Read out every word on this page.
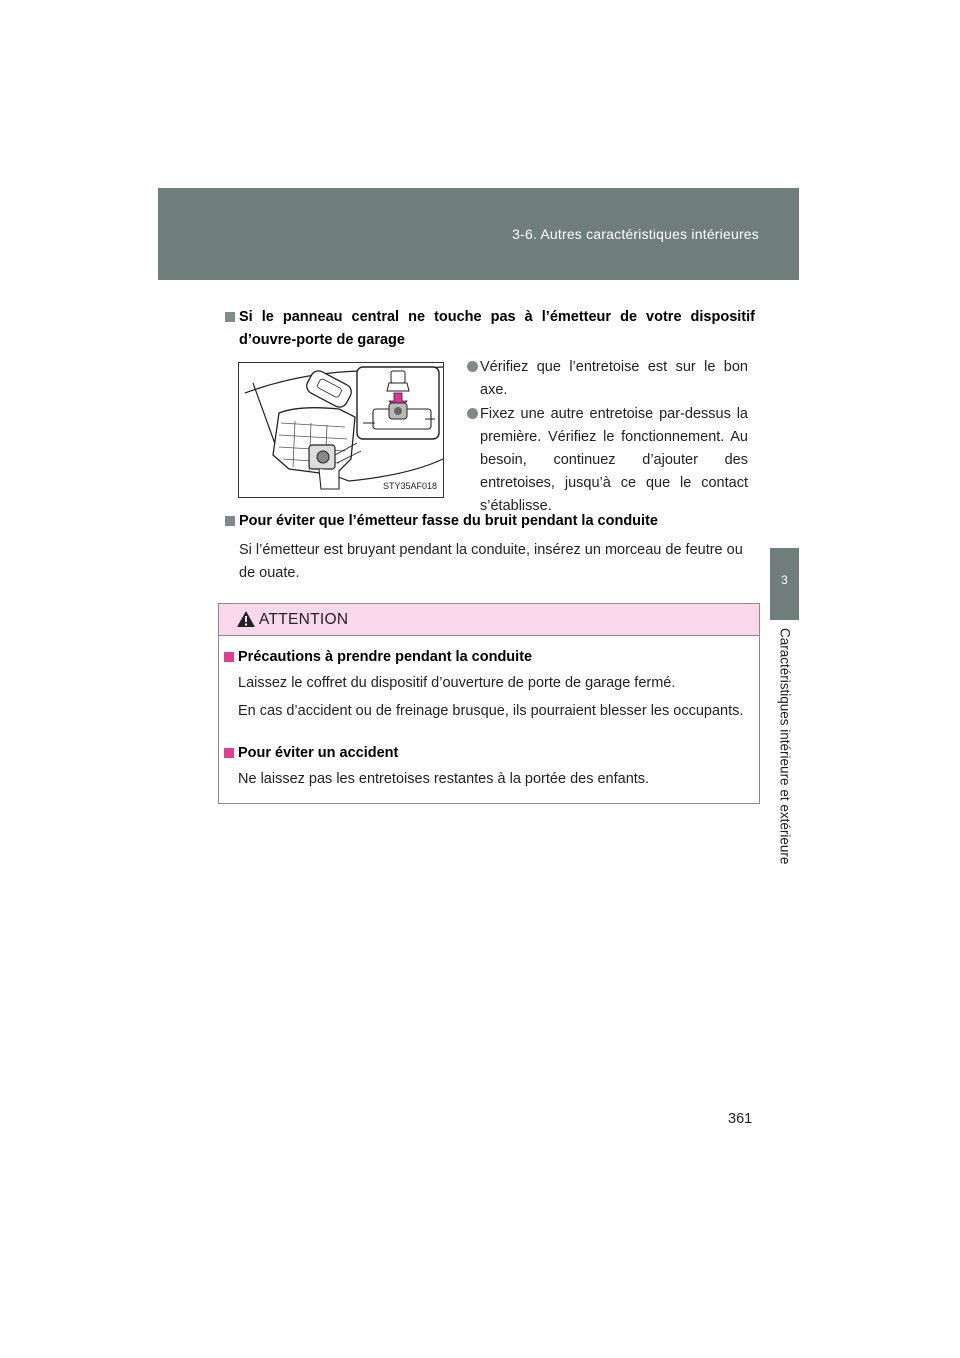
3-6. Autres caractéristiques intérieures
3
Caractéristiques intérieure et extérieure
Si le panneau central ne touche pas à l’émetteur de votre dispositif d’ouvre-porte de garage
STY35AF018
Vérifiez que l’entretoise est sur le bon axe.
Fixez une autre entretoise par-dessus la première. Vérifiez le fonctionnement. Au besoin, continuez d’ajouter des entretoises, jusqu’à ce que le contact s’établisse.
Pour éviter que l’émetteur fasse du bruit pendant la conduite
Si l’émetteur est bruyant pendant la conduite, insérez un morceau de feutre ou de ouate.
ATTENTION
Précautions à prendre pendant la conduite
Laissez le coffret du dispositif d’ouverture de porte de garage fermé.
En cas d’accident ou de freinage brusque, ils pourraient blesser les occupants.
Pour éviter un accident
Ne laissez pas les entretoises restantes à la portée des enfants.
361
